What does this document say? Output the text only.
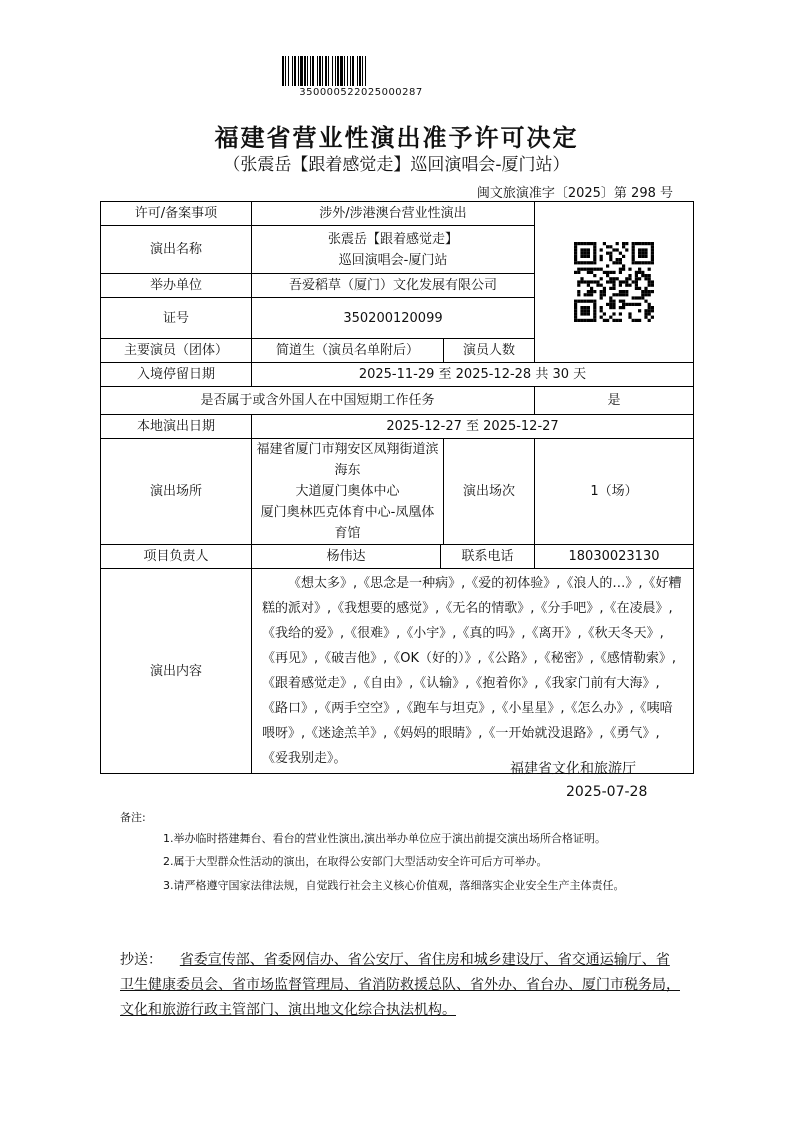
350000522025000287
福建省营业性演出准予许可决定
（张震岳【跟着感觉走】巡回演唱会-厦门站）
闽文旅演准字〔2025〕第 298 号
许可/备案事项	涉外/涉港澳台营业性演出	

演出名称	张震岳【跟着感觉走】
巡回演唱会-厦门站			

举办单位	吾爱稻草（厦门）文化发展有限公司			
证号	350200120099			
主要演员（团体）	简道生（演员名单附后）		演员人数	
入境停留日期	2025-11-29 至 2025-12-28 共 30 天			
是否属于或含外国人在中国短期工作任务				是
本地演出日期	2025-12-27 至 2025-12-27			
演出场所	福建省厦门市翔安区凤翔街道滨海东
大道厦门奥体中心
厦门奥林匹克体育中心-凤凰体育馆		演出场次	1（场）
项目负责人	杨伟达	联系电话		18030023130
演出内容	《想太多》,《思念是一种病》,《爱的初体验》,《浪人的…》,《好糟糕的派对》,《我想要的感觉》,《无名的情歌》,《分手吧》,《在凌晨》,《我给的爱》,《很难》,《小宇》,《真的吗》,《离开》,《秋天冬天》,《再见》,《破吉他》,《OK（好的）》,《公路》,《秘密》,《感情勒索》,《跟着感觉走》,《自由》,《认输》,《抱着你》,《我家门前有大海》,《路口》,《两手空空》,《跑车与坦克》,《小星星》,《怎么办》,《咦喑喂呀》,《迷途羔羊》,《妈妈的眼睛》,《一开始就没退路》,《勇气》,《爱我别走》。			
福建省文化和旅游厅
2025-07-28
备注:
1.举办临时搭建舞台、看台的营业性演出,演出举办单位应于演出前提交演出场所合格证明。
2.属于大型群众性活动的演出，在取得公安部门大型活动安全许可后方可举办。
3.请严格遵守国家法律法规，自觉践行社会主义核心价值观，落细落实企业安全生产主体责任。
抄送： 省委宣传部、省委网信办、省公安厅、省住房和城乡建设厅、省交通运输厅、省卫生健康委员会、省市场监督管理局、省消防救援总队、省外办、省台办、厦门市税务局，文化和旅游行政主管部门、演出地文化综合执法机构。
